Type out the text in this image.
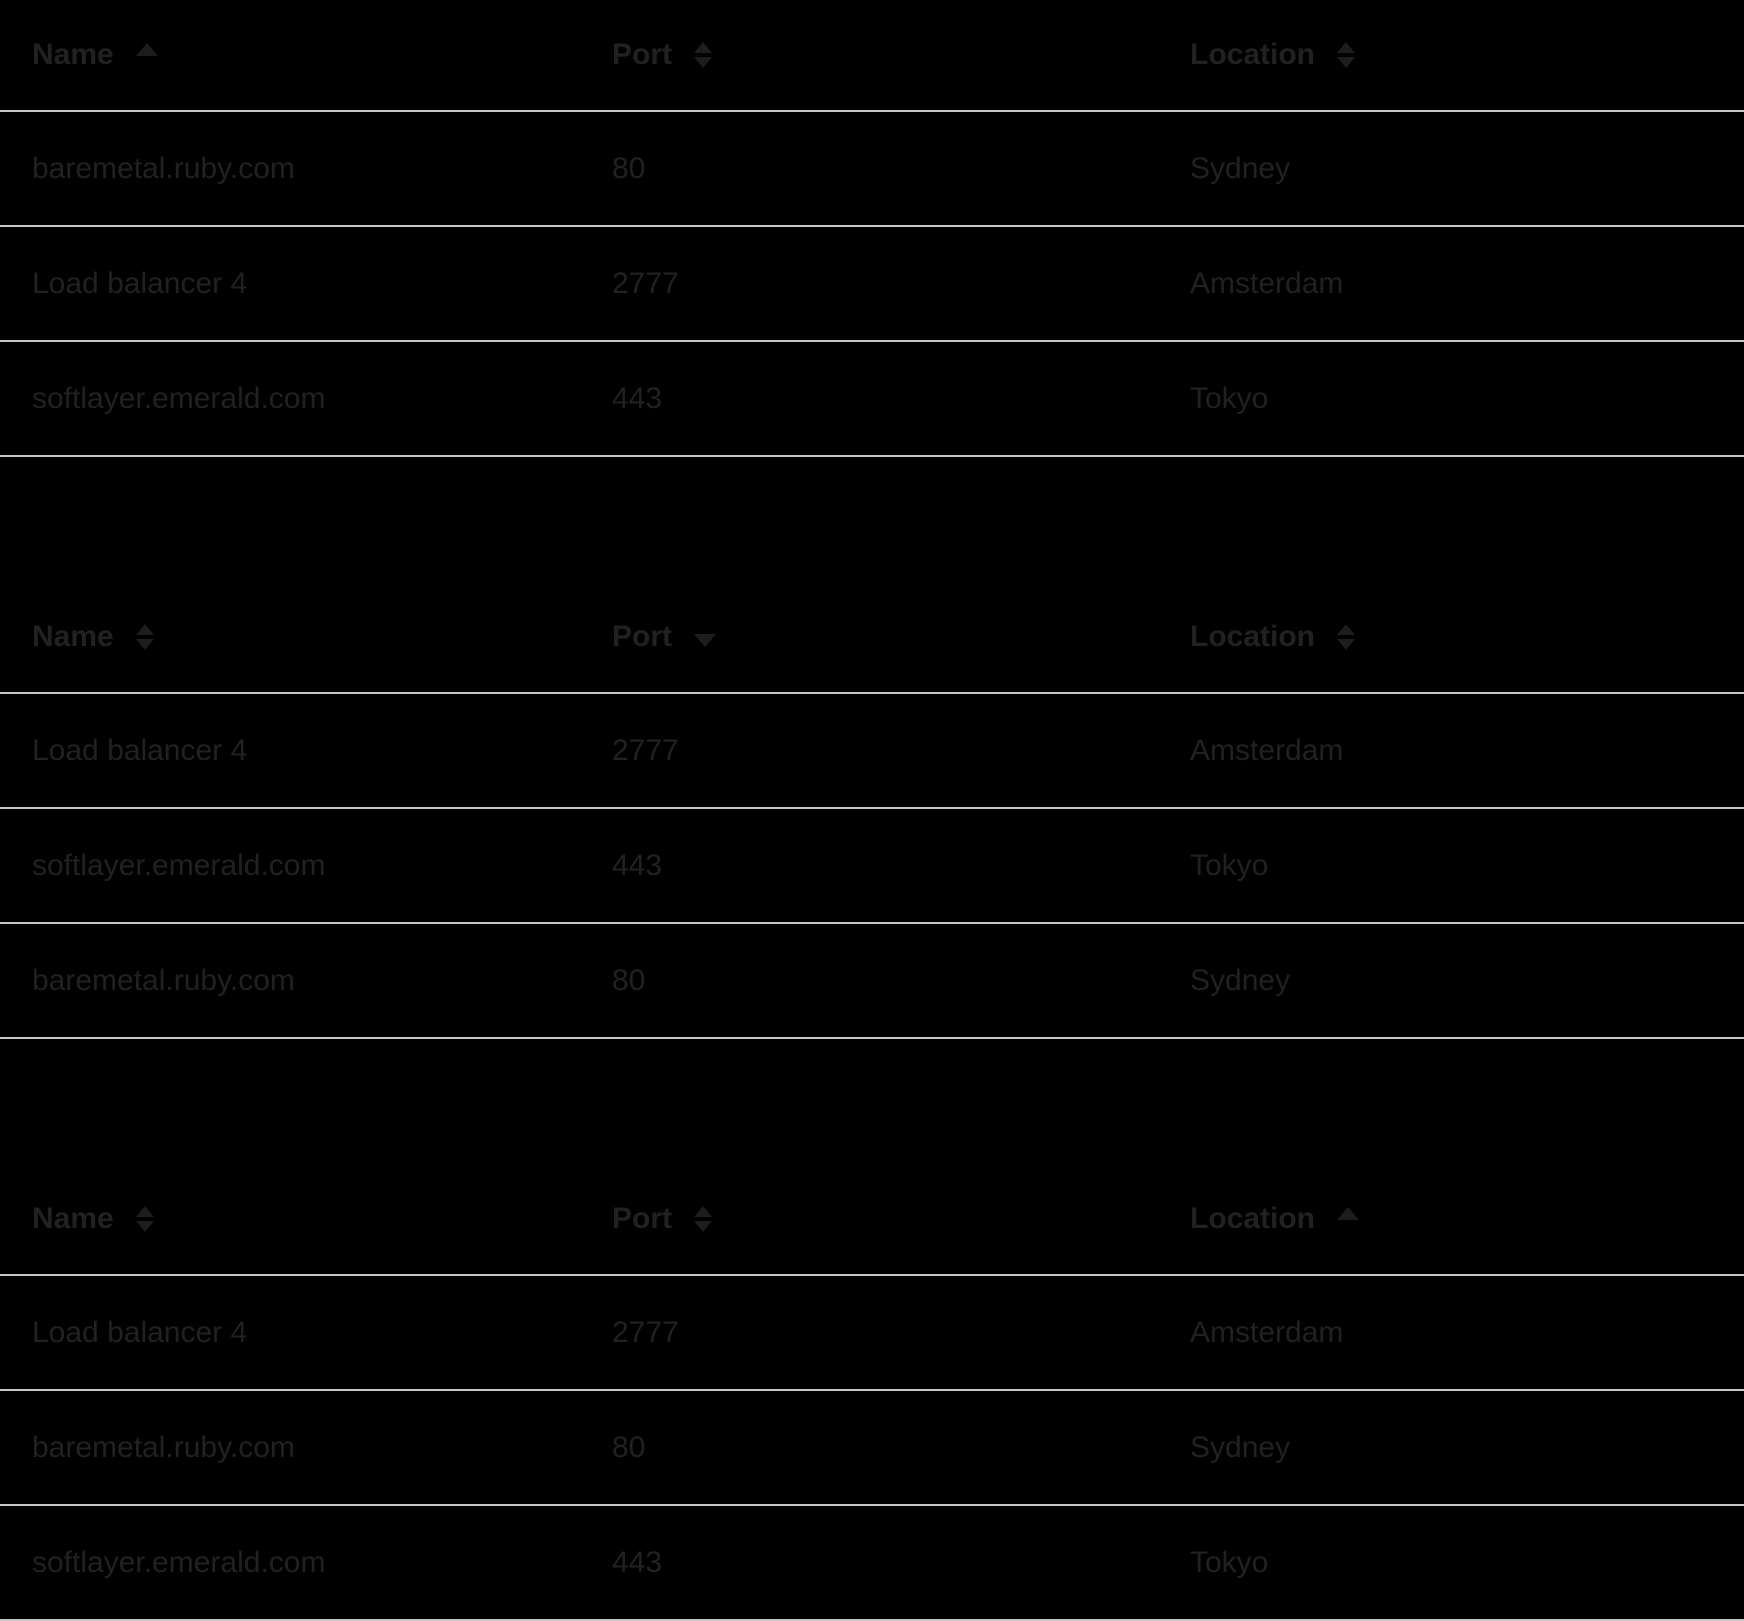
Name	Port	Location
baremetal.ruby.com	80	Sydney
Load balancer 4	2777	Amsterdam
softlayer.emerald.com	443	Tokyo
Name	Port	Location
Load balancer 4	2777	Amsterdam
softlayer.emerald.com	443	Tokyo
baremetal.ruby.com	80	Sydney
Name	Port	Location
Load balancer 4	2777	Amsterdam
baremetal.ruby.com	80	Sydney
softlayer.emerald.com	443	Tokyo
